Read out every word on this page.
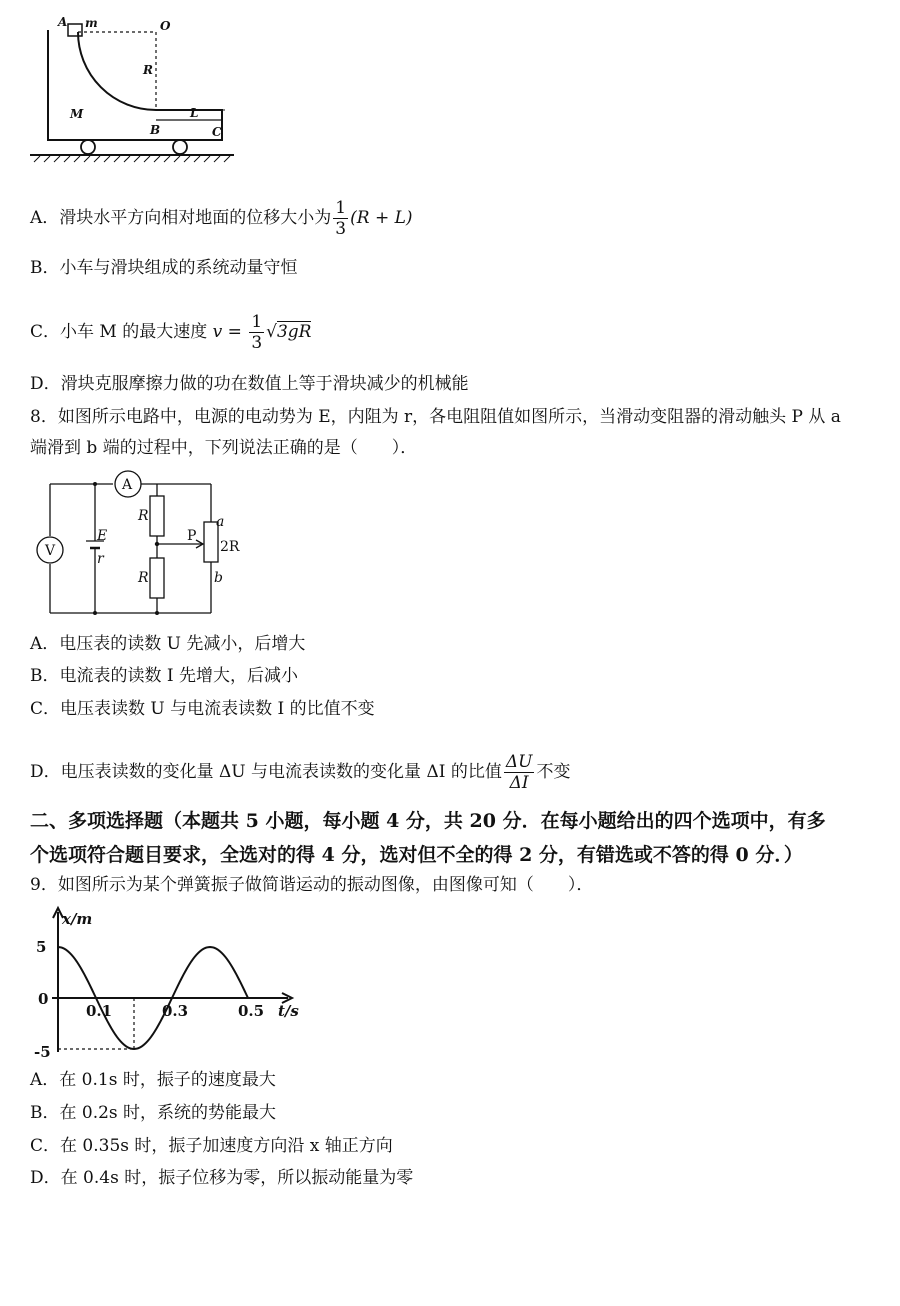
A m	O
R
M
B
L
C
A．滑块水平方向相对地面的位移大小为 $\frac{1}{3} (R + L)$
B．小车与滑块组成的系统动量守恒
C．小车 M 的最大速度 $v = \frac{1}{3} √3gR$
D．滑块克服摩擦力做的功在数值上等于滑块减少的机械能
8．如图所示电路中，电源的电动势为 E，内阻为 r，各电阻阻值如图所示，当滑动变阻器的滑动触头 P 从 a
端滑到 b 端的过程中，下列说法正确的是（　　）．
A
V
E
r
R
R
P
a
2R
b
A．电压表的读数 U 先减小，后增大
B．电流表的读数 I 先增大，后减小
C．电压表读数 U 与电流表读数 I 的比值不变
D．电压表读数的变化量 ΔU 与电流表读数的变化量 ΔI 的比值 $\frac{\Delta U}{\Delta I}$ 不变
二、多项选择题（本题共 5 小题，每小题 4 分，共 20 分．在每小题给出的四个选项中，有多
个选项符合题目要求，全选对的得 4 分，选对但不全的得 2 分，有错选或不答的得 0 分．）
9．如图所示为某个弹簧振子做简谐运动的振动图像，由图像可知（　　）．
x/m
t/s
5
0
-5
0.1	0.3	0.5
A．在 0.1s 时，振子的速度最大
B．在 0.2s 时，系统的势能最大
C．在 0.35s 时，振子加速度方向沿 x 轴正方向
D．在 0.4s 时，振子位移为零，所以振动能量为零
